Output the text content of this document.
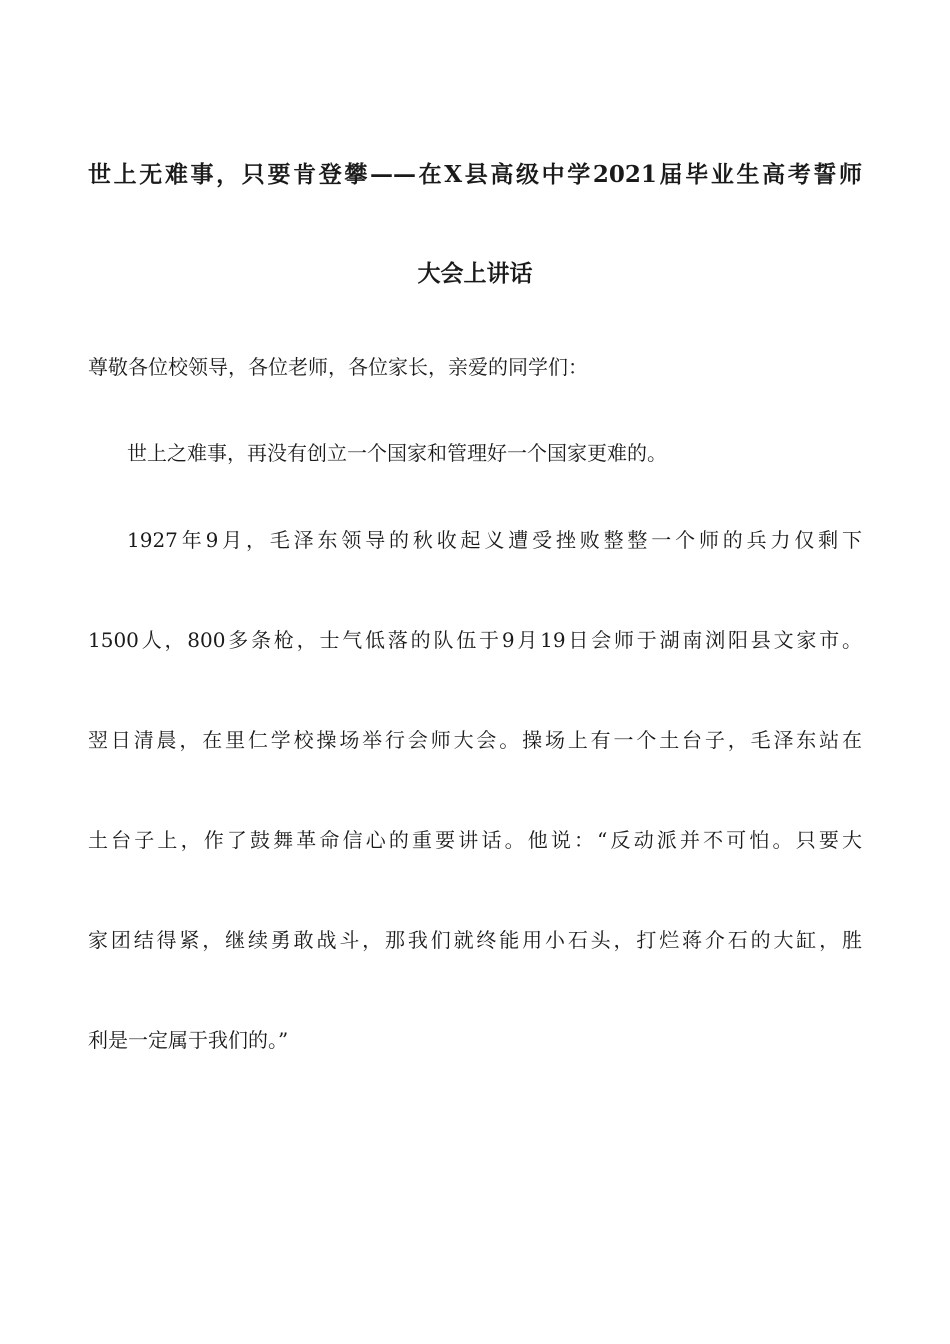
世上无难事，只要肯登攀——在X县高级中学2021届毕业生高考誓师
大会上讲话
尊敬各位校领导，各位老师，各位家长，亲爱的同学们：
世上之难事，再没有创立一个国家和管理好一个国家更难的。
1927年9月，毛泽东领导的秋收起义遭受挫败整整一个师的兵力仅剩下
1500人，800多条枪，士气低落的队伍于9月19日会师于湖南浏阳县文家市。
翌日清晨，在里仁学校操场举行会师大会。操场上有一个土台子，毛泽东站在
土台子上，作了鼓舞革命信心的重要讲话。他说：“反动派并不可怕。只要大
家团结得紧，继续勇敢战斗，那我们就终能用小石头，打烂蒋介石的大缸，胜
利是一定属于我们的。”
